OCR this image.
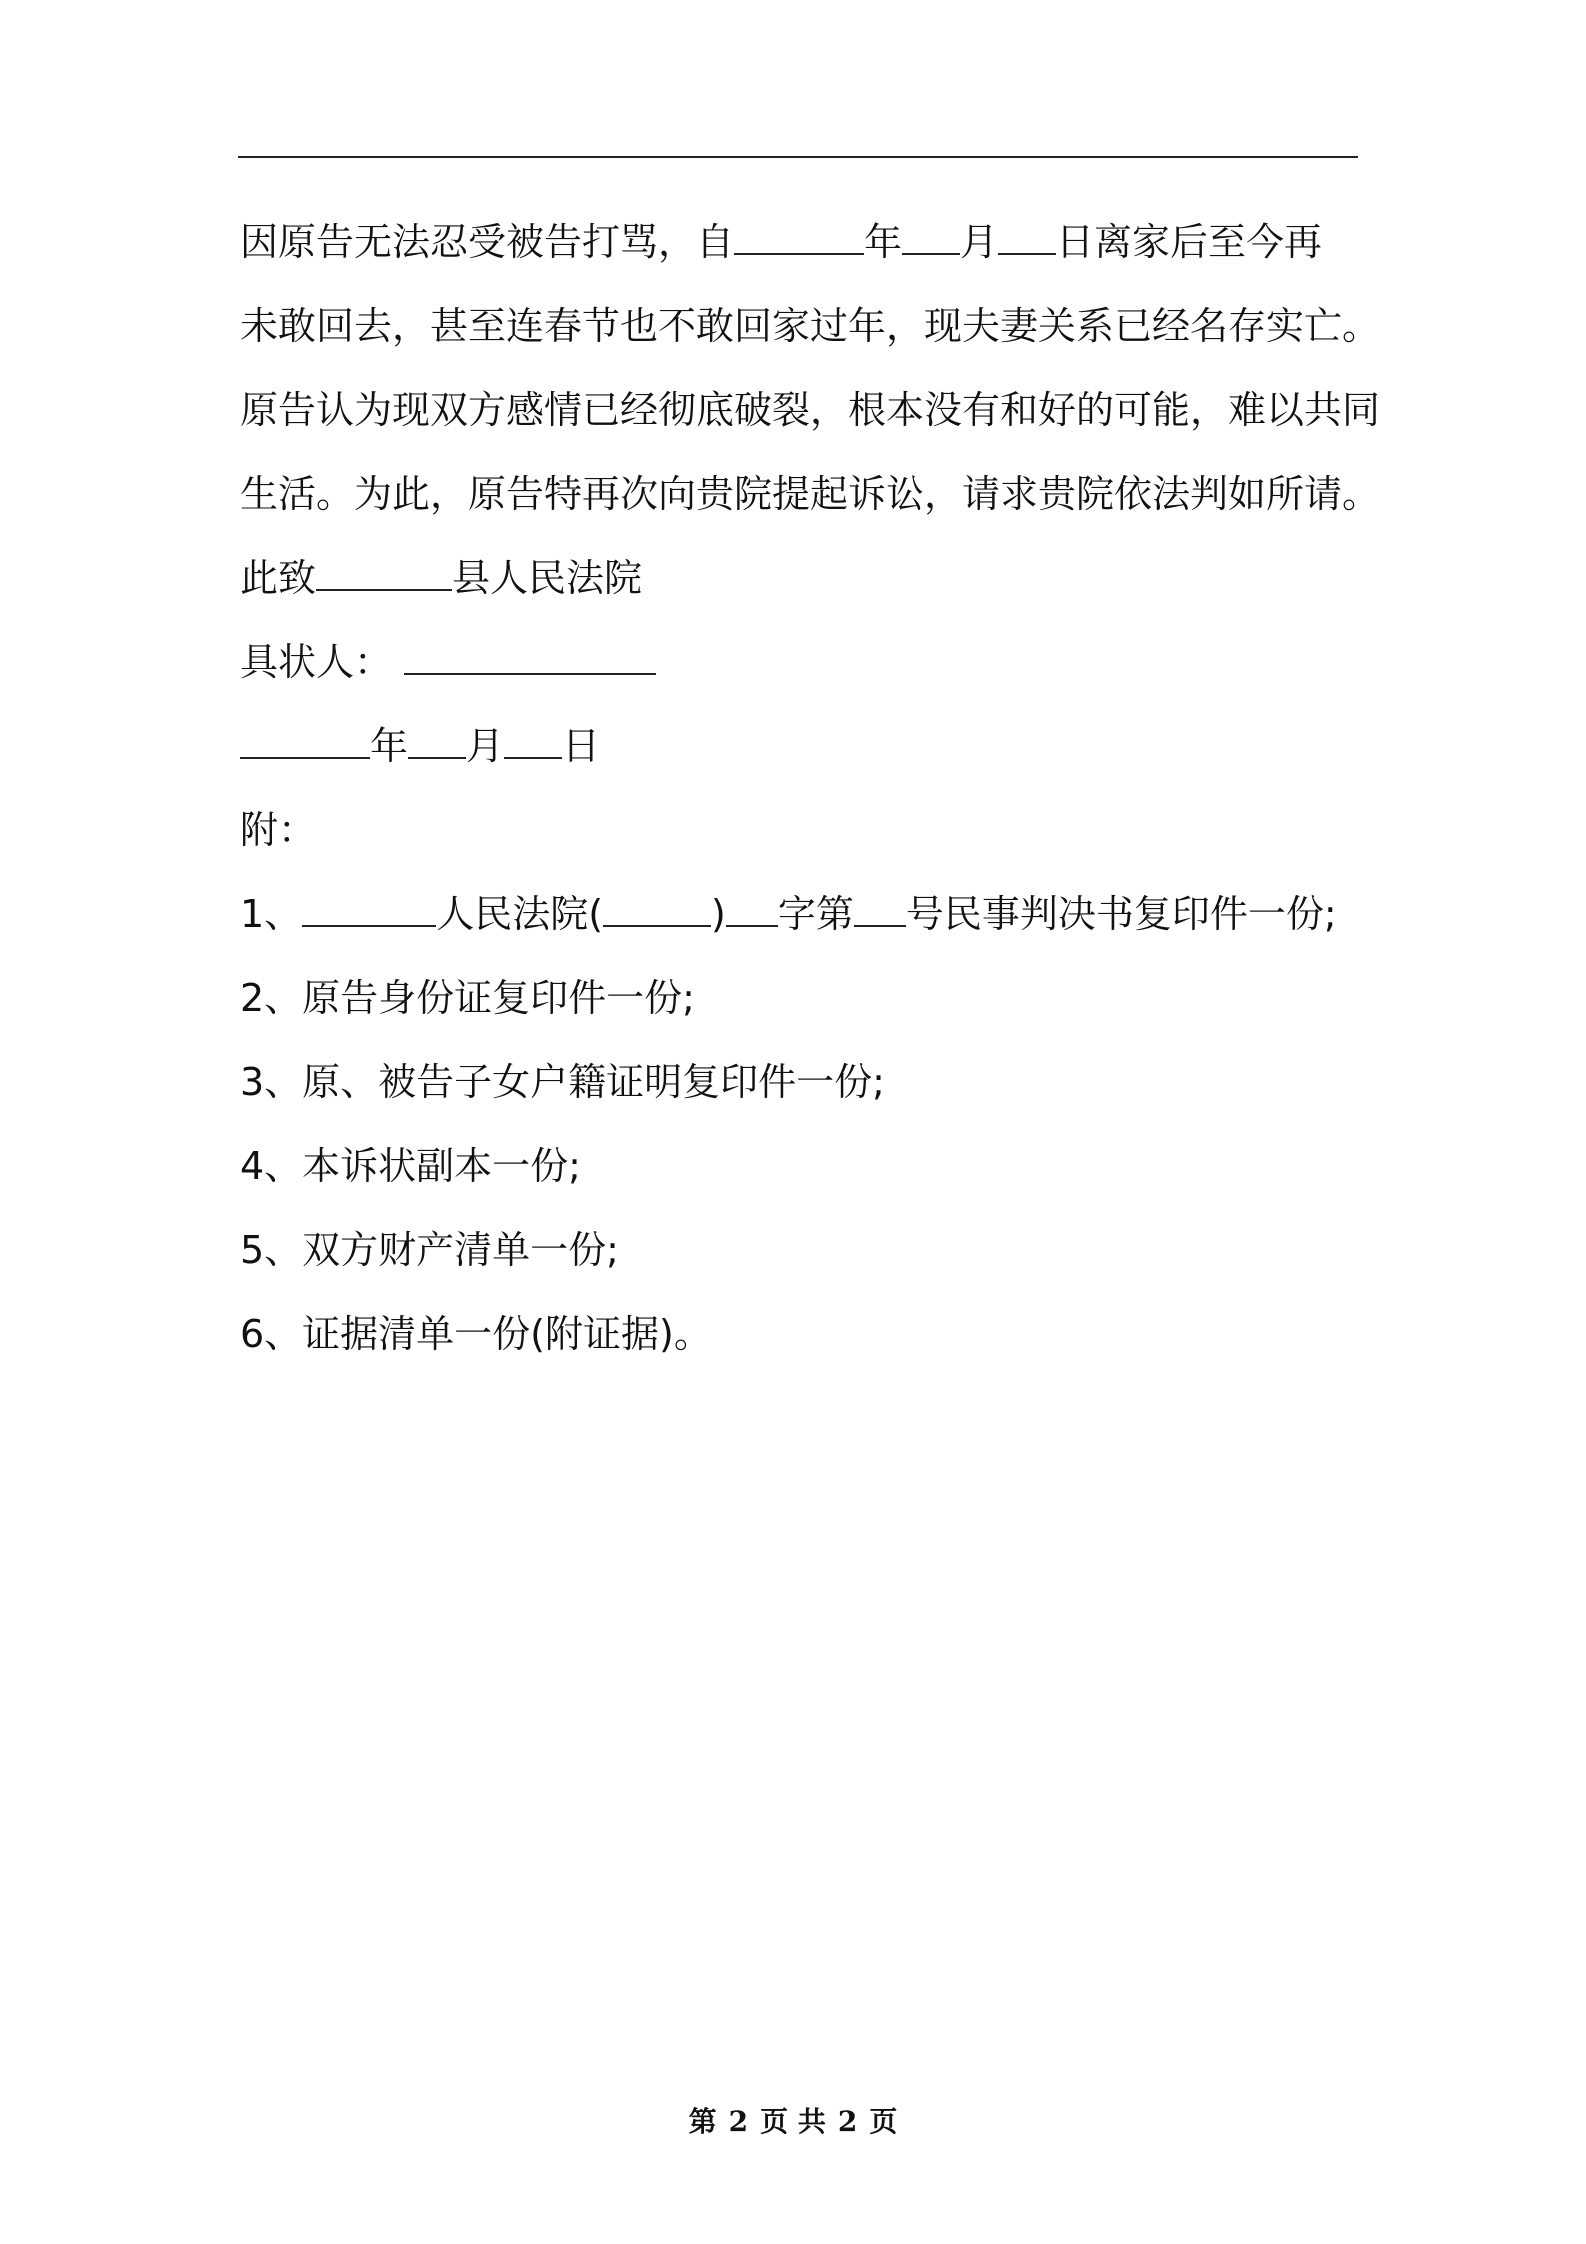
因原告无法忍受被告打骂，自	年 月 日离家后至今再
未敢回去，甚至连春节也不敢回家过年，现夫妻关系已经名存实亡。
原告认为现双方感情已经彻底破裂，根本没有和好的可能，难以共同
生活。为此，原告特再次向贵院提起诉讼，请求贵院依法判如所请。
此致	县人民法院
具状人：
年 月 日
附：
1、	人民法院(	) 字第 号民事判决书复印件一份;
2、原告身份证复印件一份;
3、原、被告子女户籍证明复印件一份;
4、本诉状副本一份;
5、双方财产清单一份;
6、证据清单一份(附证据)。
第 2 页 共 2 页
